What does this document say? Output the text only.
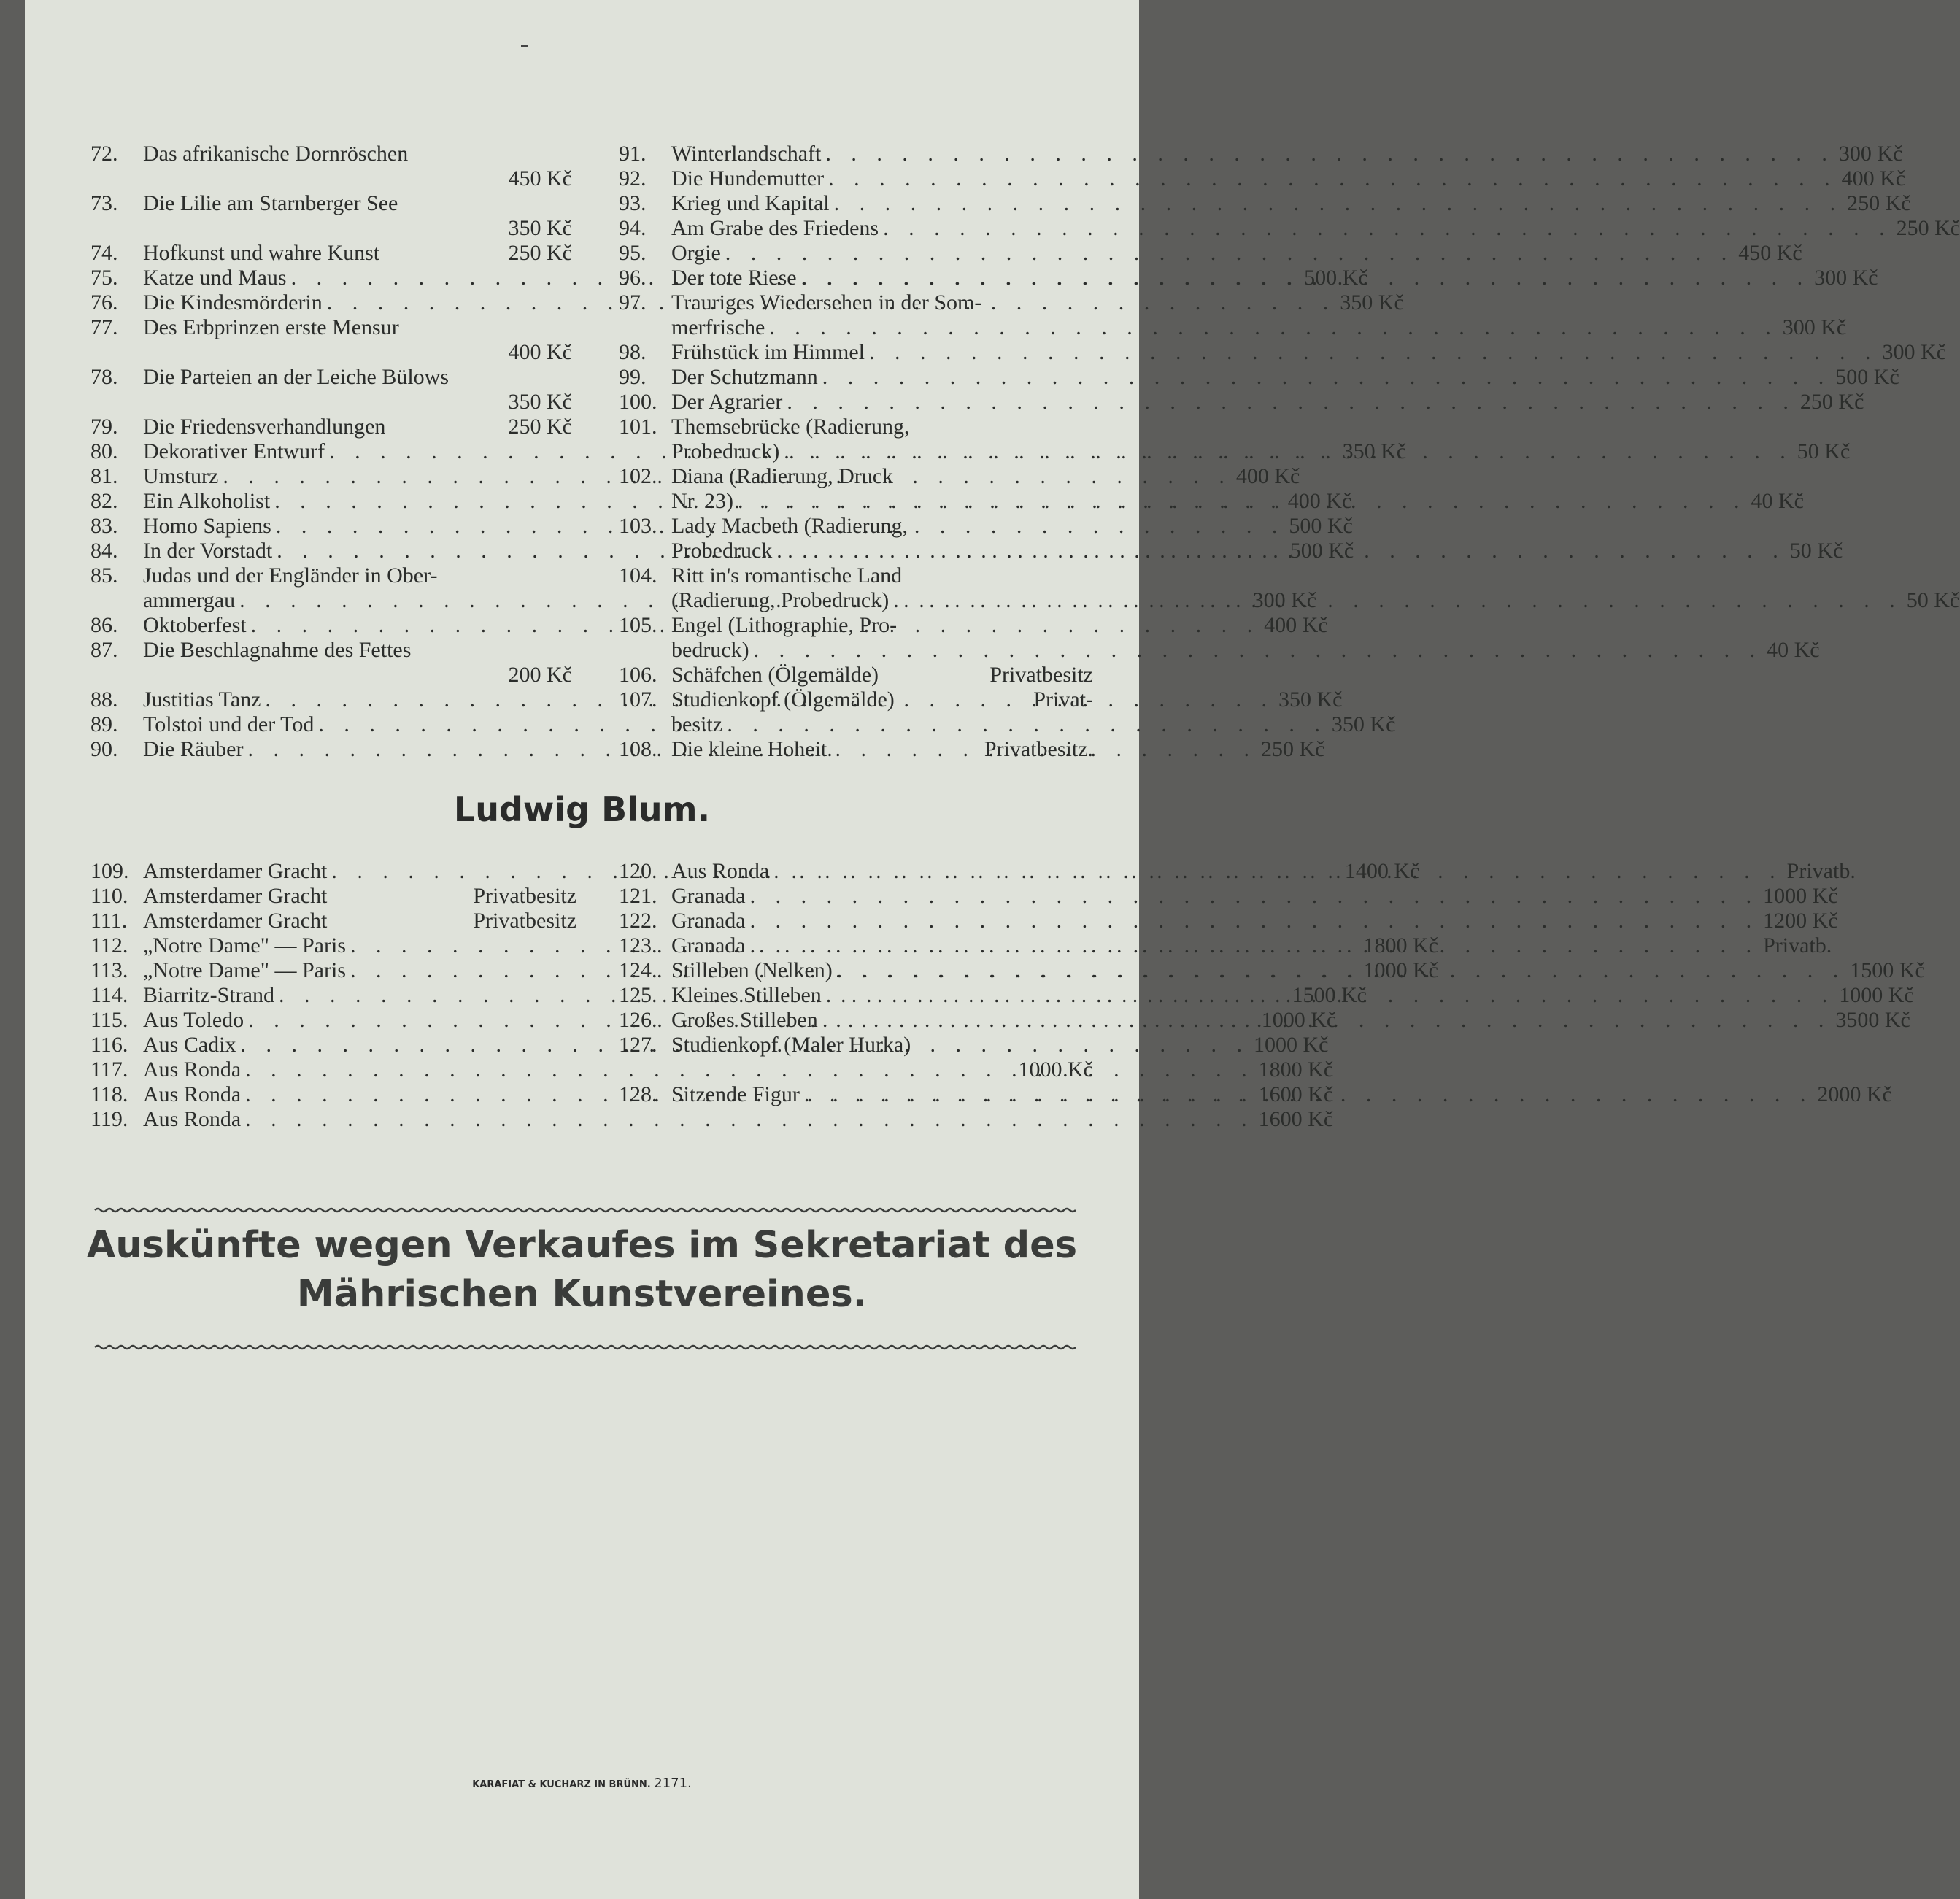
72.	Das afrikanische Dornröschen
450 Kč
73.	Die Lilie am Starnberger See
350 Kč
74.	Hofkunst und wahre Kunst	250 Kč
75.	Katze und Maus . . .	500 Kč
76.	Die Kindesmörderin . . .	350 Kč
77.	Des Erbprinzen erste Mensur
400 Kč
78.	Die Parteien an der Leiche Bülows
350 Kč
79.	Die Friedensverhandlungen	250 Kč
80.	Dekorativer Entwurf . . .	350 Kč
81.	Umsturz . . .	400 Kč
82.	Ein Alkoholist . . .	400 Kč
83.	Homo Sapiens . . .	500 Kč
84.	In der Vorstadt . . .	500 Kč
85.	Judas und der Engländer in Ober-
ammergau . . .	300 Kč
86.	Oktoberfest . . .	400 Kč
87.	Die Beschlagnahme des Fettes
200 Kč
88.	Justitias Tanz . . .	350 Kč
89.	Tolstoi und der Tod . . .	350 Kč
90.	Die Räuber . . .	250 Kč
91.	Winterlandschaft . . .	300 Kč
92.	Die Hundemutter . . .	400 Kč
93.	Krieg und Kapital . . .	250 Kč
94.	Am Grabe des Friedens . . .	250 Kč
95.	Orgie . . .	450 Kč
96.	Der tote Riese . . .	300 Kč
97.	Trauriges Wiedersehen in der Som-
merfrische . . .	300 Kč
98.	Frühstück im Himmel . . .	300 Kč
99.	Der Schutzmann . . .	500 Kč
100. Der Agrarier . . .	250 Kč
101. Themsebrücke (Radierung,
Probedruck) . . .	50 Kč
102. Diana (Radierung, Druck
Nr. 23) . . .	40 Kč
103. Lady Macbeth (Radierung,
Probedruck . . .	50 Kč
104. Ritt in's romantische Land
(Radierung, Probedruck) . . .	50 Kč
105. Engel (Lithographie, Pro-
bedruck) . . .	40 Kč
106. Schäfchen (Ölgemälde)	Privatbesitz
107. Studienkopf (Ölgemälde)	Privat-
besitz
108. Die kleine Hoheit.	Privatbesitz.
Ludwig Blum.
109. Amsterdamer Gracht . . .	1400 Kč
110. Amsterdamer Gracht	Privatbesitz
111. Amsterdamer Gracht	Privatbesitz
112. „Notre Dame" — Paris . . .	1800 Kč
113. „Notre Dame" — Paris . . .	1000 Kč
114. Biarritz-Strand . . .	1500 Kč
115. Aus Toledo . . .	1000 Kč
116. Aus Cadix . . .	1000 Kč
117. Aus Ronda . . .	1800 Kč
118. Aus Ronda . . .	1600 Kč
119. Aus Ronda . . .	1600 Kč
120. Aus Ronda . . .	Privatb.
121. Granada . . .	1000 Kč
122. Granada . . .	1200 Kč
123. Granada . . .	Privatb.
124. Stilleben (Nelken) . . .	1500 Kč
125. Kleines Stilleben . . .	1000 Kč
126. Großes Stilleben . . .	3500 Kč
127. Studienkopf (Maler Hurka)
1000 Kč
128. Sitzende Figur . . .	2000 Kč
Auskünfte wegen Verkaufes im Sekretariat des
Mährischen Kunstvereines.
KARAFIAT & KUCHARZ IN BRÜNN. 2171.
